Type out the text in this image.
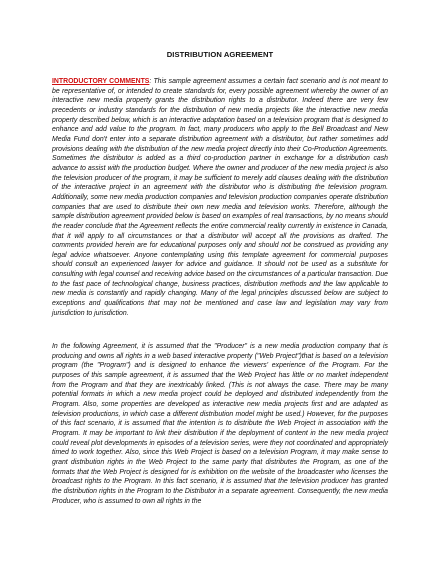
DISTRIBUTION AGREEMENT

INTRODUCTORY COMMENTS: This sample agreement assumes a certain fact scenario and is not meant to be representative of, or intended to create standards for, every possible agreement whereby the owner of an interactive new media property grants the distribution rights to a distributor. Indeed there are very few precedents or industry standards for the distribution of new media projects like the interactive new media property described below, which is an interactive adaptation based on a television program that is designed to enhance and add value to the program. In fact, many producers who apply to the Bell Broadcast and New Media Fund don't enter into a separate distribution agreement with a distributor, but rather sometimes add provisions dealing with the distribution of the new media project directly into their Co-Production Agreements. Sometimes the distributor is added as a third co-production partner in exchange for a distribution cash advance to assist with the production budget. Where the owner and producer of the new media project is also the television producer of the program, it may be sufficient to merely add clauses dealing with the distribution of the interactive project in an agreement with the distributor who is distributing the television program. Additionally, some new media production companies and television production companies operate distribution companies that are used to distribute their own new media and television works. Therefore, although the sample distribution agreement provided below is based on examples of real transactions, by no means should the reader conclude that the Agreement reflects the entire commercial reality currently in existence in Canada, that it will apply to all circumstances or that a distributor will accept all the provisions as drafted. The comments provided herein are for educational purposes only and should not be construed as providing any legal advice whatsoever. Anyone contemplating using this template agreement for commercial purposes should consult an experienced lawyer for advice and guidance. It should not be used as a substitute for consulting with legal counsel and receiving advice based on the circumstances of a particular transaction. Due to the fast pace of technological change, business practices, distribution methods and the law applicable to new media is constantly and rapidly changing. Many of the legal principles discussed below are subject to exceptions and qualifications that may not be mentioned and case law and legislation may vary from jurisdiction to jurisdiction.

In the following Agreement, it is assumed that the "Producer" is a new media production company that is producing and owns all rights in a web based interactive property ("Web Project")that is based on a television program (the "Program") and is designed to enhance the viewers' experience of the Program. For the purposes of this sample agreement, it is assumed that the Web Project has little or no market independent from the Program and that they are inextricably linked. (This is not always the case. There may be many potential formats in which a new media project could be deployed and distributed independently from the Program. Also, some properties are developed as interactive new media projects first and are adapted as television productions, in which case a different distribution model might be used.) However, for the purposes of this fact scenario, it is assumed that the intention is to distribute the Web Project in association with the Program. It may be important to link their distribution if the deployment of content in the new media project could reveal plot developments in episodes of a television series, were they not coordinated and appropriately timed to work together. Also, since this Web Project is based on a television Program, it may make sense to grant distribution rights in the Web Project to the same party that distributes the Program, as one of the formats that the Web Project is designed for is exhibition on the website of the broadcaster who licenses the broadcast rights to the Program. In this fact scenario, it is assumed that the television producer has granted the distribution rights in the Program to the Distributor in a separate agreement. Consequently, the new media Producer, who is assumed to own all rights in the
